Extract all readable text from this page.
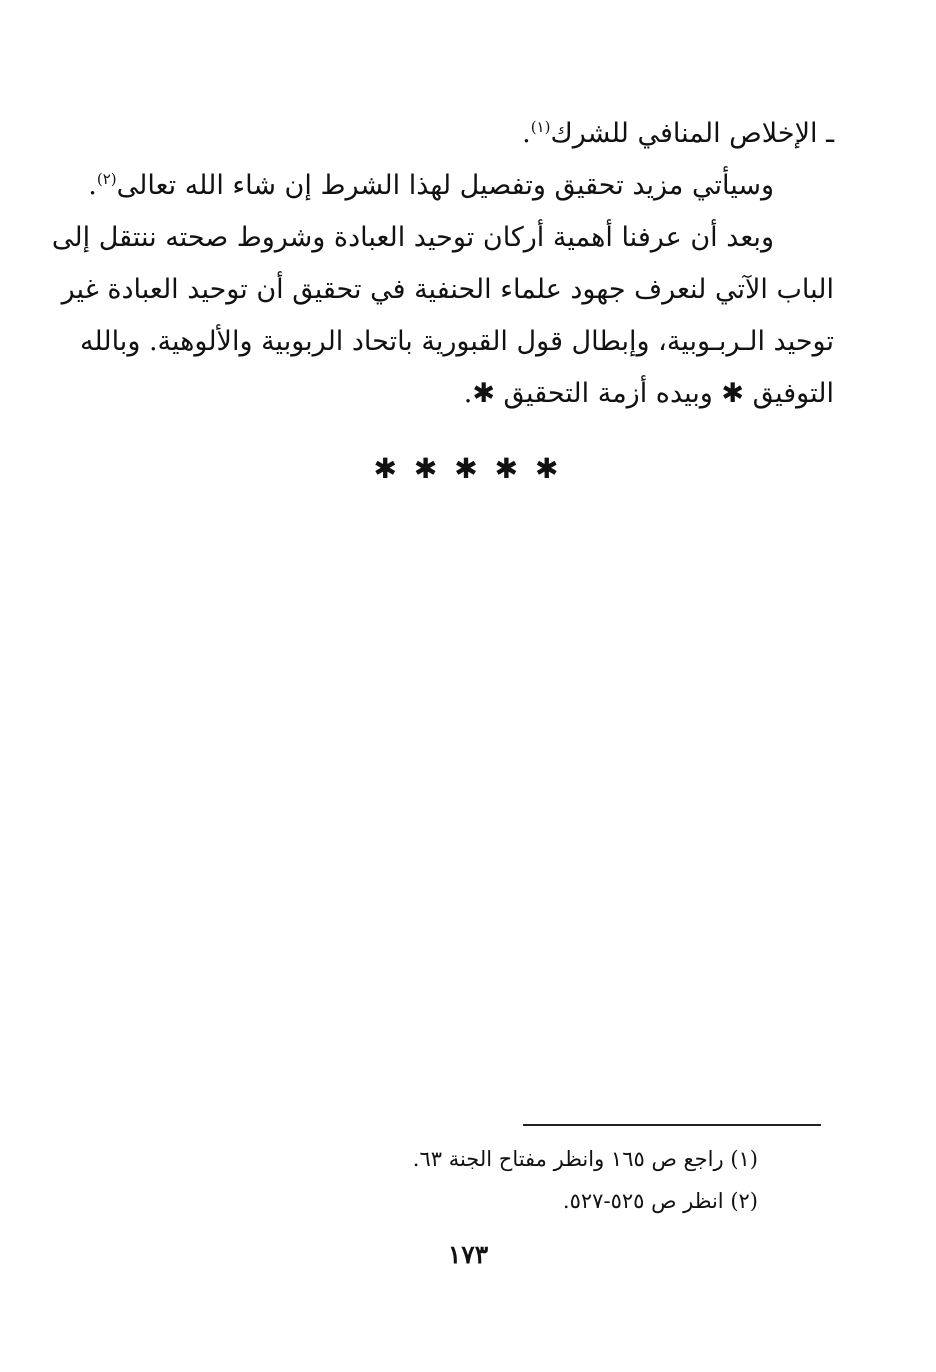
ـ الإخلاص المنافي للشرك$^{(١)}$.

وسيأتي مزيد تحقيق وتفصيل لهذا الشرط إن شاء الله تعالى$^{(٢)}$.

وبعد أن عرفنا أهمية أركان توحيد العبادة وشروط صحته ننتقل إلى
الباب الآتي لنعرف جهود علماء الحنفية في تحقيق أن توحيد العبادة غير
توحيد الـربـوبية، وإبطال قول القبورية باتحاد الربوبية والألوهية. وبالله
التوفيق ✱ وبيده أزمة التحقيق ✱.

✱ ✱ ✱ ✱ ✱
(١) راجع ص ١٦٥ وانظر مفتاح الجنة ٦٣.
(٢) انظر ص ٥٢٥-٥٢٧.
١٧٣
